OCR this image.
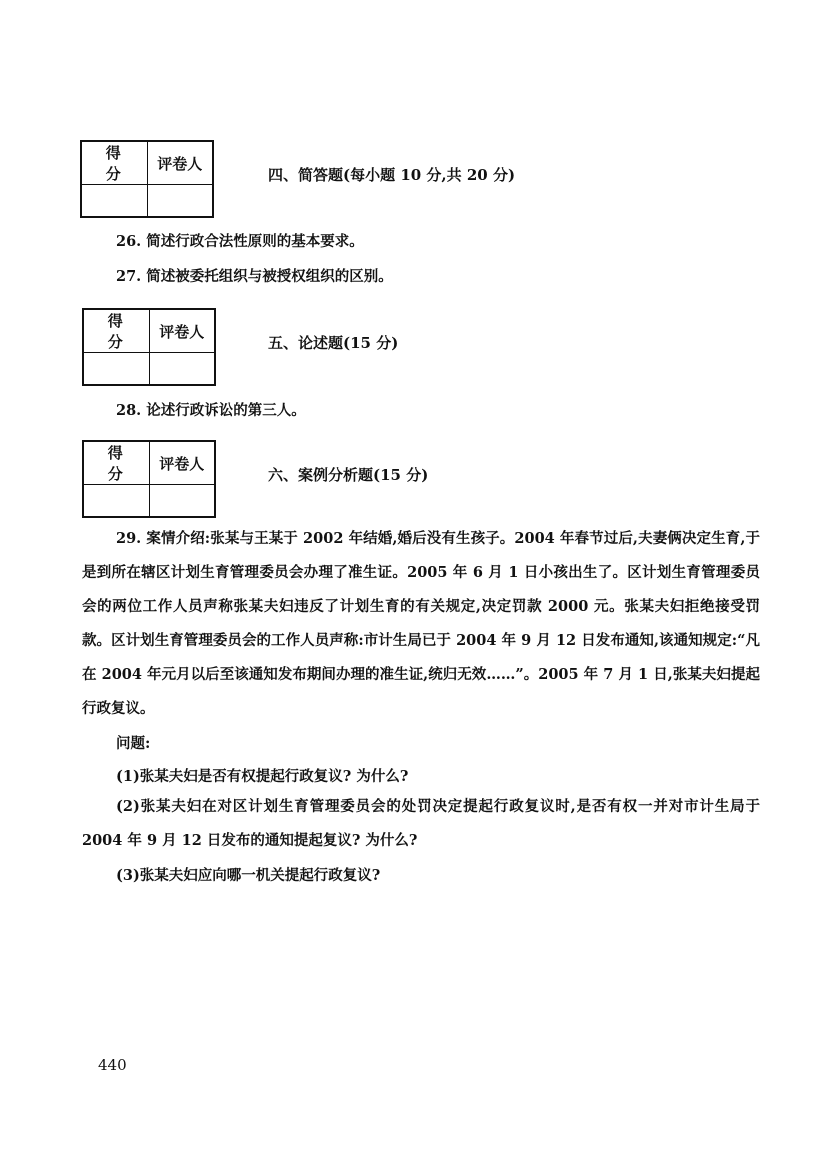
得 分	评卷人

四、简答题(每小题 10 分,共 20 分)
26. 简述行政合法性原则的基本要求。
27. 简述被委托组织与被授权组织的区别。
得 分	评卷人

五、论述题(15 分)
28. 论述行政诉讼的第三人。
得 分	评卷人

六、案例分析题(15 分)
29. 案情介绍:张某与王某于 2002 年结婚,婚后没有生孩子。2004 年春节过后,夫妻俩决定生育,于是到所在辖区计划生育管理委员会办理了准生证。2005 年 6 月 1 日小孩出生了。区计划生育管理委员会的两位工作人员声称张某夫妇违反了计划生育的有关规定,决定罚款 2000 元。张某夫妇拒绝接受罚款。区计划生育管理委员会的工作人员声称:市计生局已于 2004 年 9 月 12 日发布通知,该通知规定:“凡在 2004 年元月以后至该通知发布期间办理的准生证,统归无效……”。2005 年 7 月 1 日,张某夫妇提起行政复议。
问题:
(1)张某夫妇是否有权提起行政复议? 为什么?
(2)张某夫妇在对区计划生育管理委员会的处罚决定提起行政复议时,是否有权一并对市计生局于 2004 年 9 月 12 日发布的通知提起复议? 为什么?
(3)张某夫妇应向哪一机关提起行政复议?
440
